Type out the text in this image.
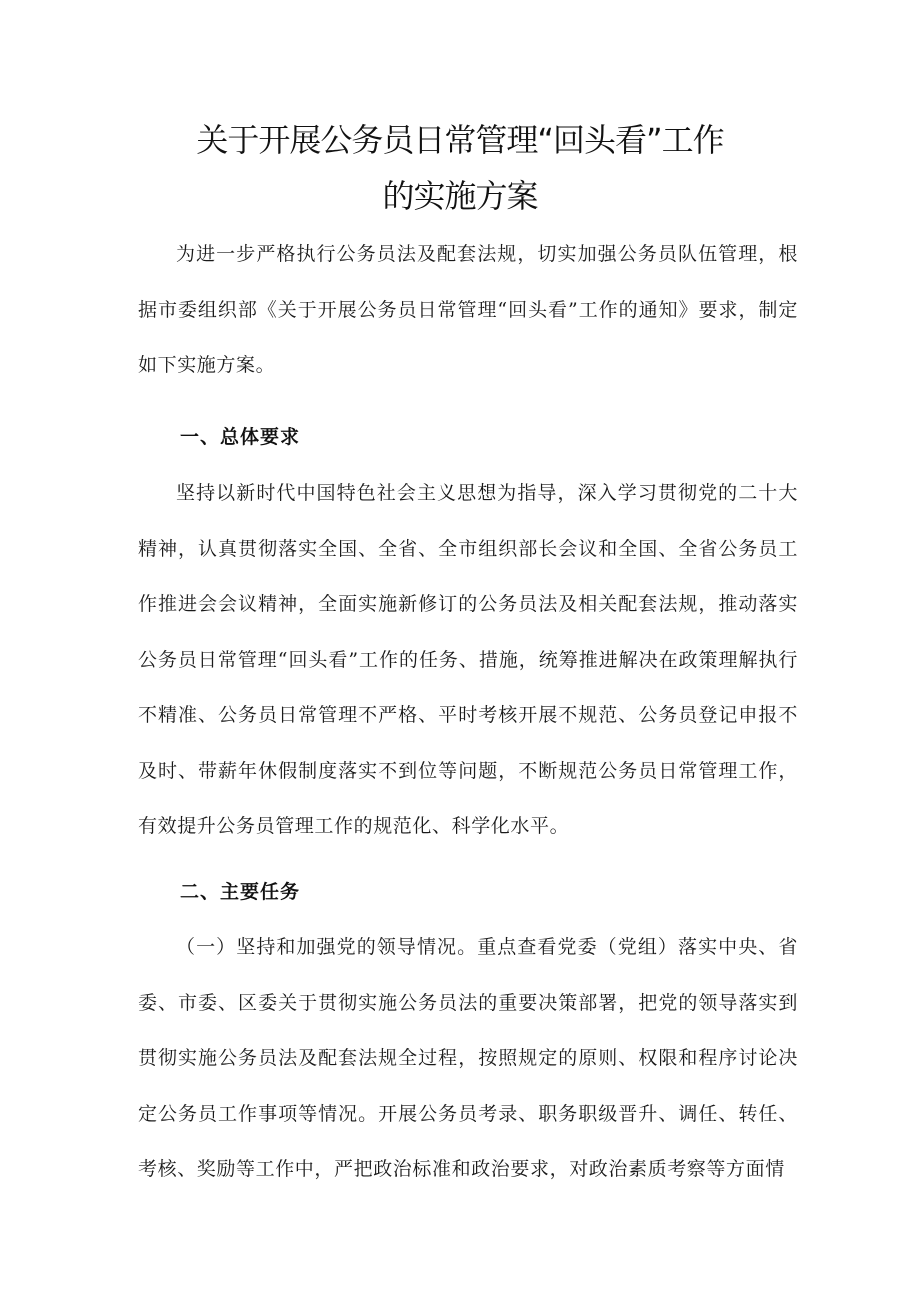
关于开展公务员日常管理“回头看”工作
的实施方案

为进一步严格执行公务员法及配套法规，切实加强公务员队伍管理，根据市委组织部《关于开展公务员日常管理“回头看”工作的通知》要求，制定如下实施方案。

一、总体要求

坚持以新时代中国特色社会主义思想为指导，深入学习贯彻党的二十大精神，认真贯彻落实全国、全省、全市组织部长会议和全国、全省公务员工作推进会会议精神，全面实施新修订的公务员法及相关配套法规，推动落实公务员日常管理“回头看”工作的任务、措施，统筹推进解决在政策理解执行不精准、公务员日常管理不严格、平时考核开展不规范、公务员登记申报不及时、带薪年休假制度落实不到位等问题，不断规范公务员日常管理工作，有效提升公务员管理工作的规范化、科学化水平。

二、主要任务

（一）坚持和加强党的领导情况。重点查看党委（党组）落实中央、省委、市委、区委关于贯彻实施公务员法的重要决策部署，把党的领导落实到贯彻实施公务员法及配套法规全过程，按照规定的原则、权限和程序讨论决定公务员工作事项等情况。开展公务员考录、职务职级晋升、调任、转任、考核、奖励等工作中，严把政治标准和政治要求，对政治素质考察等方面情
